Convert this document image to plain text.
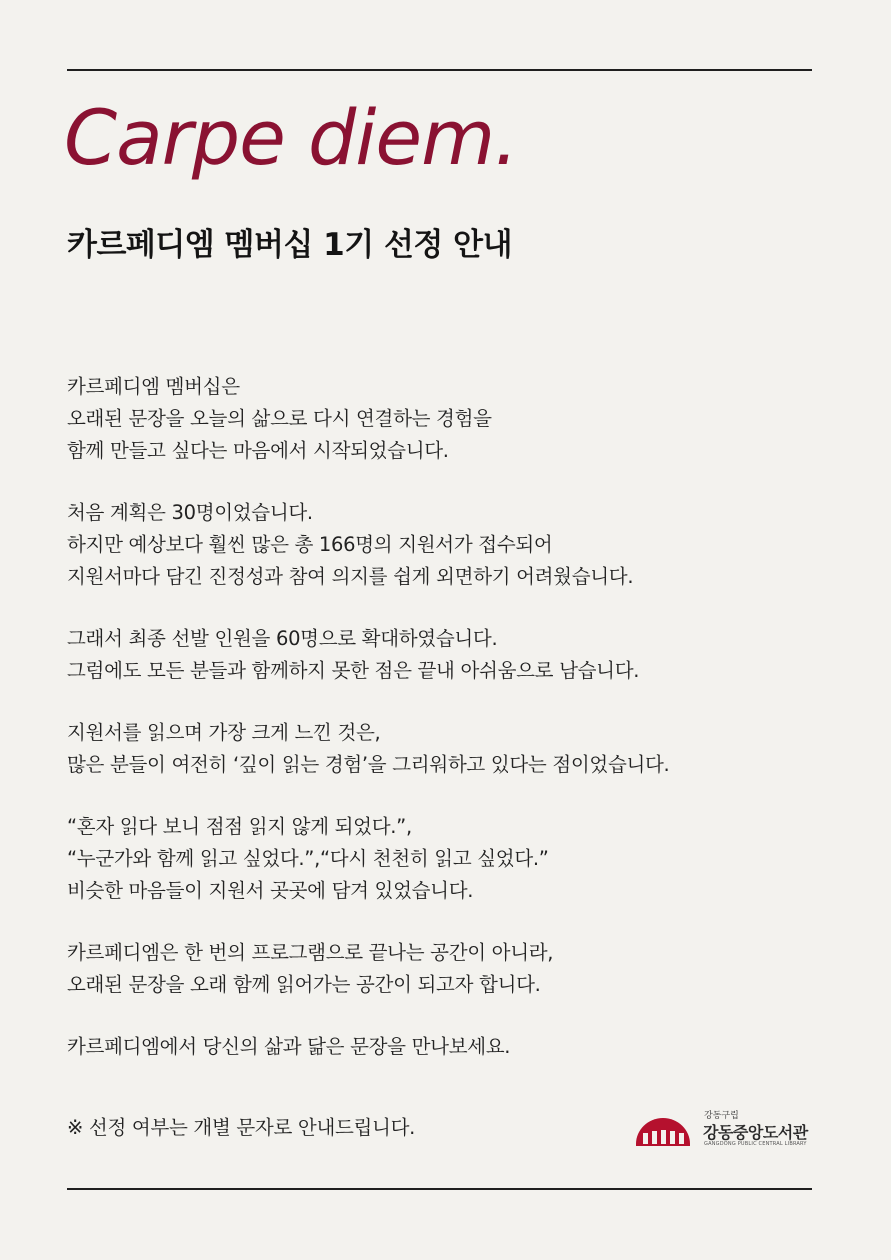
Carpe diem.
카르페디엠 멤버십 1기 선정 안내

카르페디엠 멤버십은
오래된 문장을 오늘의 삶으로 다시 연결하는 경험을
함께 만들고 싶다는 마음에서 시작되었습니다.

처음 계획은 30명이었습니다.
하지만 예상보다 훨씬 많은 총 166명의 지원서가 접수되어
지원서마다 담긴 진정성과 참여 의지를 쉽게 외면하기 어려웠습니다.

그래서 최종 선발 인원을 60명으로 확대하였습니다.
그럼에도 모든 분들과 함께하지 못한 점은 끝내 아쉬움으로 남습니다.

지원서를 읽으며 가장 크게 느낀 것은,
많은 분들이 여전히 ‘깊이 읽는 경험’을 그리워하고 있다는 점이었습니다.

“혼자 읽다 보니 점점 읽지 않게 되었다.”,
“누군가와 함께 읽고 싶었다.”,“다시 천천히 읽고 싶었다.”
비슷한 마음들이 지원서 곳곳에 담겨 있었습니다.

카르페디엠은 한 번의 프로그램으로 끝나는 공간이 아니라,
오래된 문장을 오래 함께 읽어가는 공간이 되고자 합니다.

카르페디엠에서 당신의 삶과 닮은 문장을 만나보세요.

※ 선정 여부는 개별 문자로 안내드립니다.	강동구립
강동중앙도서관
GANGDONG PUBLIC CENTRAL LIBRARY
